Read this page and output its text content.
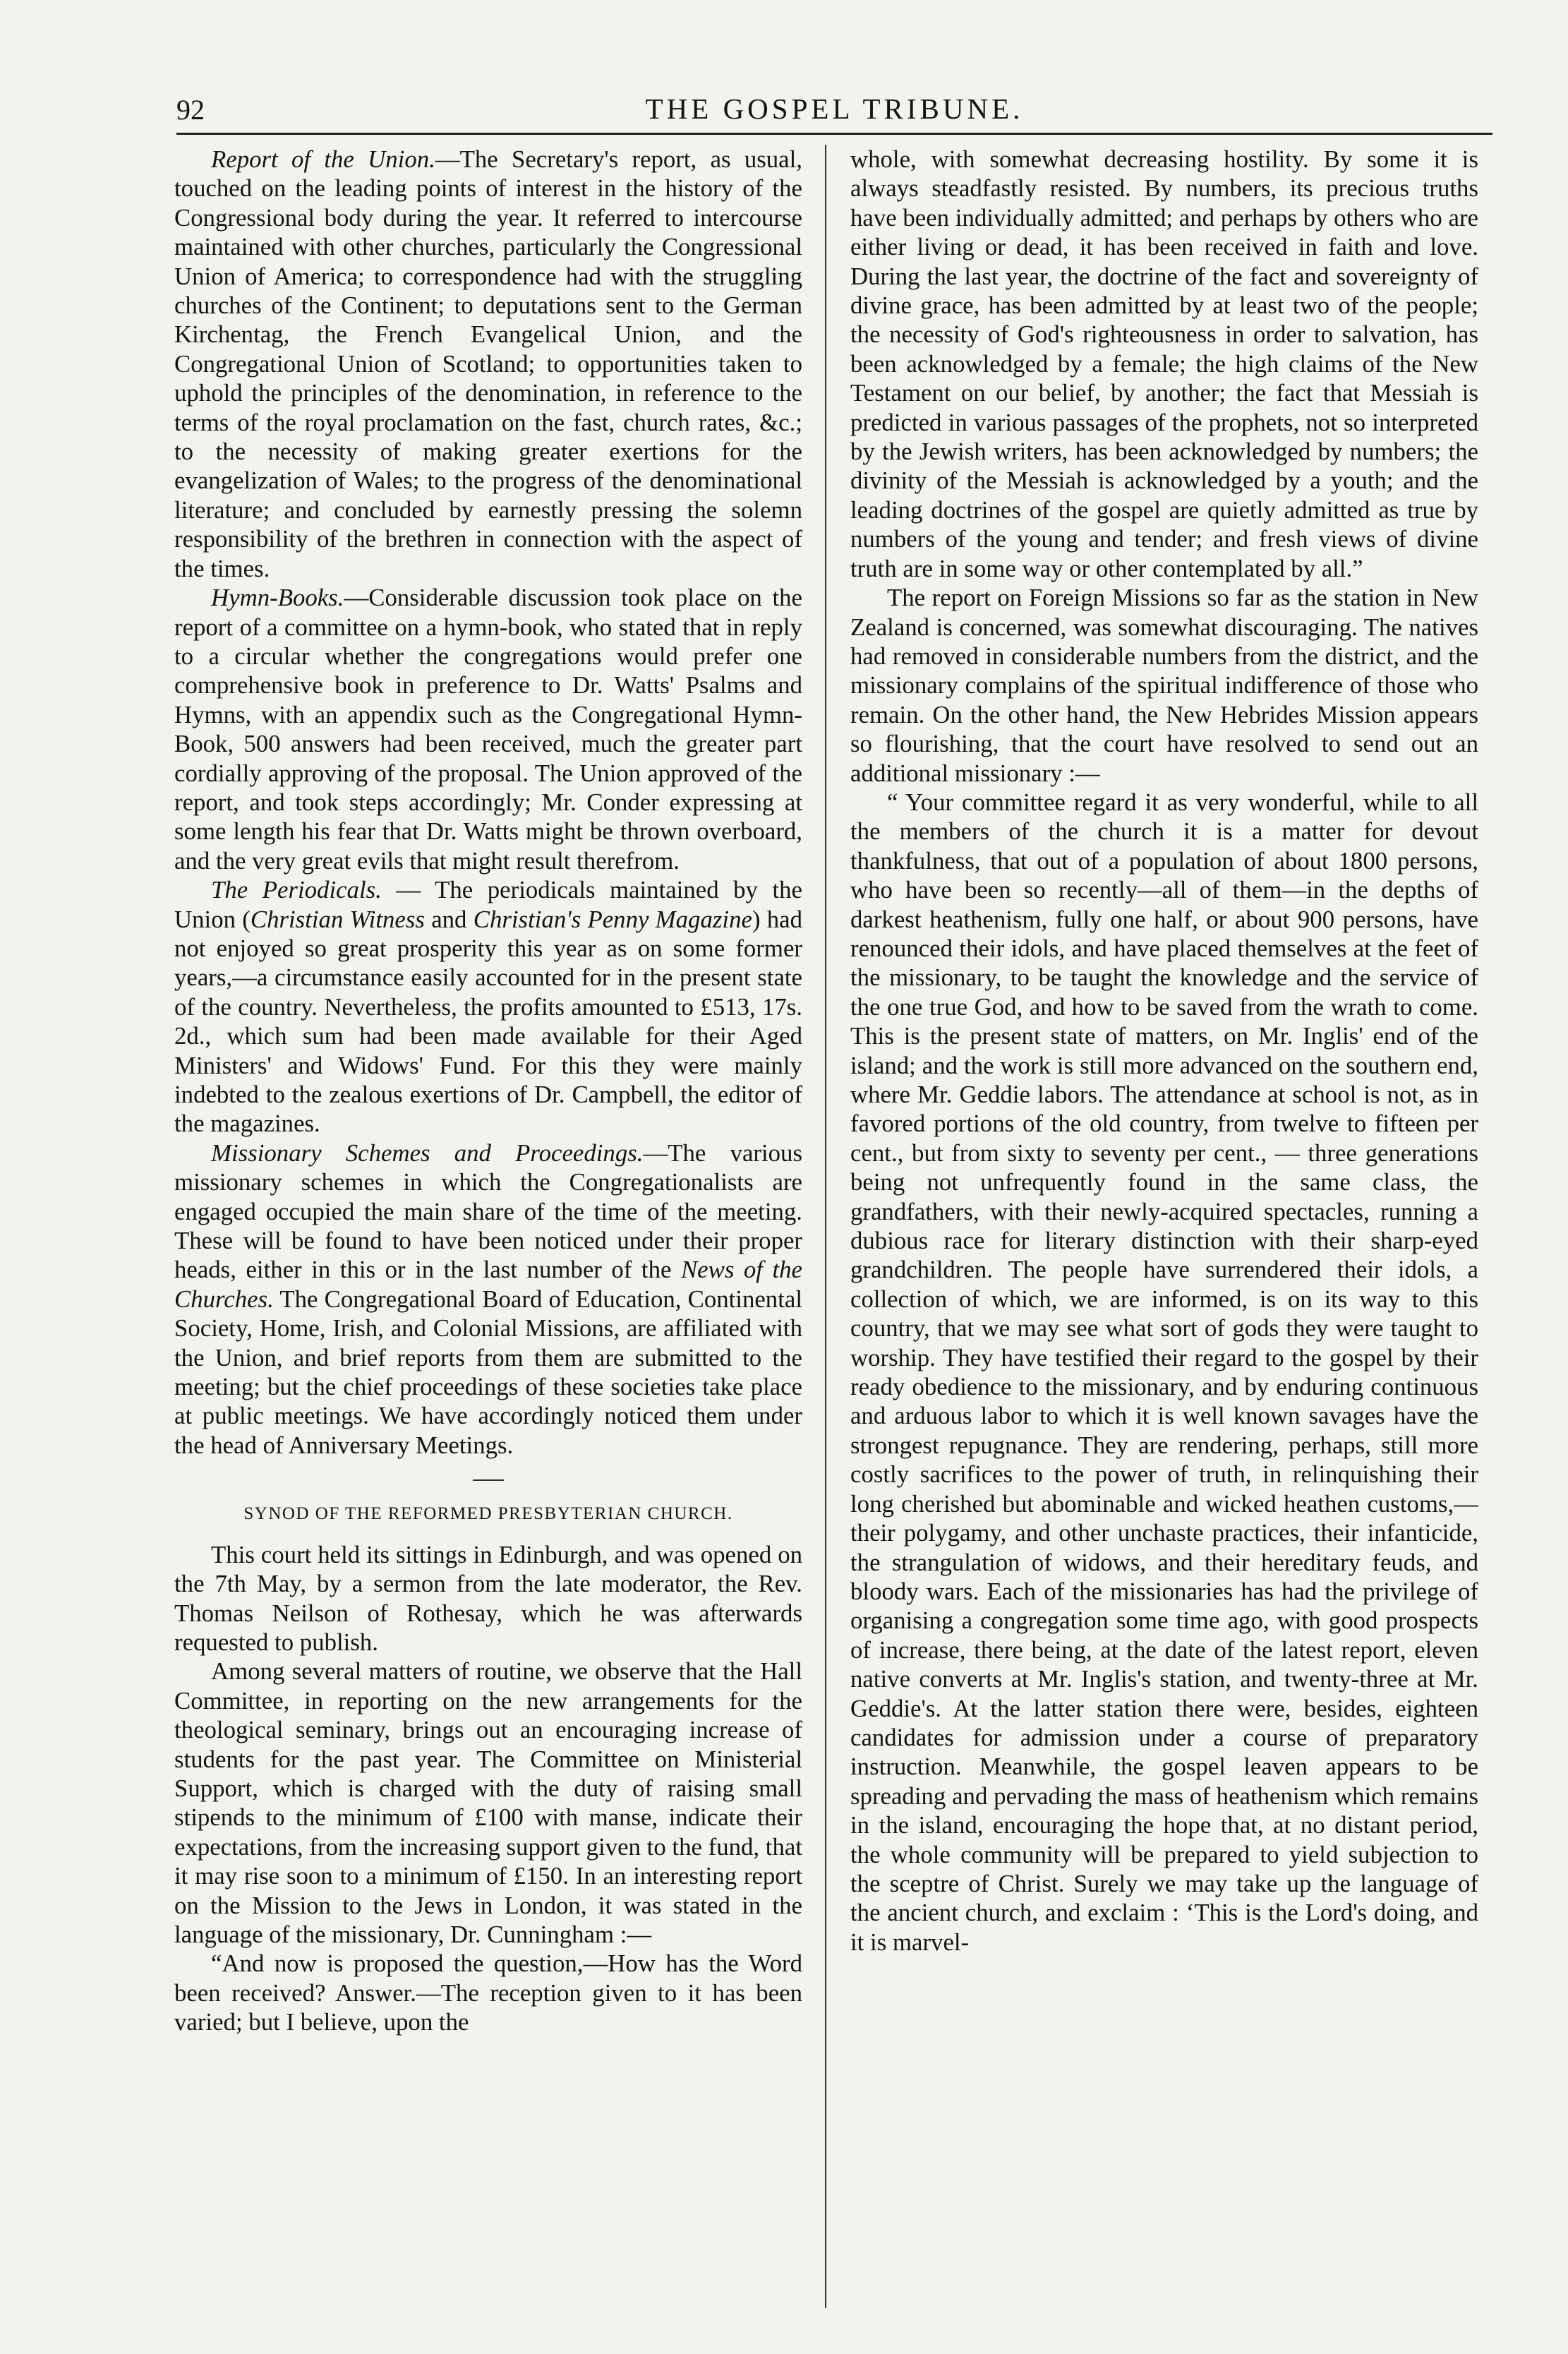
92	THE GOSPEL TRIBUNE.

Report of the Union.—The Secretary's report, as usual, touched on the leading points of interest in the history of the Congressional body during the year. It referred to intercourse maintained with other churches, particularly the Congressional Union of America; to correspondence had with the struggling churches of the Continent; to deputations sent to the German Kirchentag, the French Evangelical Union, and the Congregational Union of Scotland; to opportunities taken to uphold the principles of the denomination, in reference to the terms of the royal proclamation on the fast, church rates, &c.; to the necessity of making greater exertions for the evangelization of Wales; to the progress of the denominational literature; and concluded by earnestly pressing the solemn responsibility of the brethren in connection with the aspect of the times.

Hymn-Books.—Considerable discussion took place on the report of a committee on a hymn-book, who stated that in reply to a circular whether the congregations would prefer one comprehensive book in preference to Dr. Watts' Psalms and Hymns, with an appendix such as the Congregational Hymn-Book, 500 answers had been received, much the greater part cordially approving of the proposal. The Union approved of the report, and took steps accordingly; Mr. Conder expressing at some length his fear that Dr. Watts might be thrown overboard, and the very great evils that might result therefrom.

The Periodicals. — The periodicals maintained by the Union (Christian Witness and Christian's Penny Magazine) had not enjoyed so great prosperity this year as on some former years,—a circumstance easily accounted for in the present state of the country. Nevertheless, the profits amounted to £513, 17s. 2d., which sum had been made available for their Aged Ministers' and Widows' Fund. For this they were mainly indebted to the zealous exertions of Dr. Campbell, the editor of the magazines.

Missionary Schemes and Proceedings.—The various missionary schemes in which the Congregationalists are engaged occupied the main share of the time of the meeting. These will be found to have been noticed under their proper heads, either in this or in the last number of the News of the Churches. The Congregational Board of Education, Continental Society, Home, Irish, and Colonial Missions, are affiliated with the Union, and brief reports from them are submitted to the meeting; but the chief proceedings of these societies take place at public meetings. We have accordingly noticed them under the head of Anniversary Meetings.

SYNOD OF THE REFORMED PRESBYTERIAN CHURCH.

This court held its sittings in Edinburgh, and was opened on the 7th May, by a sermon from the late moderator, the Rev. Thomas Neilson of Rothesay, which he was afterwards requested to publish.

Among several matters of routine, we observe that the Hall Committee, in reporting on the new arrangements for the theological seminary, brings out an encouraging increase of students for the past year. The Committee on Ministerial Support, which is charged with the duty of raising small stipends to the minimum of £100 with manse, indicate their expectations, from the increasing support given to the fund, that it may rise soon to a minimum of £150. In an interesting report on the Mission to the Jews in London, it was stated in the language of the missionary, Dr. Cunningham :—

“And now is proposed the question,—How has the Word been received? Answer.—The reception given to it has been varied; but I believe, upon the

whole, with somewhat decreasing hostility. By some it is always steadfastly resisted. By numbers, its precious truths have been individually admitted; and perhaps by others who are either living or dead, it has been received in faith and love. During the last year, the doctrine of the fact and sovereignty of divine grace, has been admitted by at least two of the people; the necessity of God's righteousness in order to salvation, has been acknowledged by a female; the high claims of the New Testament on our belief, by another; the fact that Messiah is predicted in various passages of the prophets, not so interpreted by the Jewish writers, has been acknowledged by numbers; the divinity of the Messiah is acknowledged by a youth; and the leading doctrines of the gospel are quietly admitted as true by numbers of the young and tender; and fresh views of divine truth are in some way or other contemplated by all.”

The report on Foreign Missions so far as the station in New Zealand is concerned, was somewhat discouraging. The natives had removed in considerable numbers from the district, and the missionary complains of the spiritual indifference of those who remain. On the other hand, the New Hebrides Mission appears so flourishing, that the court have resolved to send out an additional missionary :—

“ Your committee regard it as very wonderful, while to all the members of the church it is a matter for devout thankfulness, that out of a population of about 1800 persons, who have been so recently—all of them—in the depths of darkest heathenism, fully one half, or about 900 persons, have renounced their idols, and have placed themselves at the feet of the missionary, to be taught the knowledge and the service of the one true God, and how to be saved from the wrath to come. This is the present state of matters, on Mr. Inglis' end of the island; and the work is still more advanced on the southern end, where Mr. Geddie labors. The attendance at school is not, as in favored portions of the old country, from twelve to fifteen per cent., but from sixty to seventy per cent., — three generations being not unfrequently found in the same class, the grandfathers, with their newly-acquired spectacles, running a dubious race for literary distinction with their sharp-eyed grandchildren. The people have surrendered their idols, a collection of which, we are informed, is on its way to this country, that we may see what sort of gods they were taught to worship. They have testified their regard to the gospel by their ready obedience to the missionary, and by enduring continuous and arduous labor to which it is well known savages have the strongest repugnance. They are rendering, perhaps, still more costly sacrifices to the power of truth, in relinquishing their long cherished but abominable and wicked heathen customs,—their polygamy, and other unchaste practices, their infanticide, the strangulation of widows, and their hereditary feuds, and bloody wars. Each of the missionaries has had the privilege of organising a congregation some time ago, with good prospects of increase, there being, at the date of the latest report, eleven native converts at Mr. Inglis's station, and twenty-three at Mr. Geddie's. At the latter station there were, besides, eighteen candidates for admission under a course of preparatory instruction. Meanwhile, the gospel leaven appears to be spreading and pervading the mass of heathenism which remains in the island, encouraging the hope that, at no distant period, the whole community will be prepared to yield subjection to the sceptre of Christ. Surely we may take up the language of the ancient church, and exclaim : ‘This is the Lord's doing, and it is marvel-
